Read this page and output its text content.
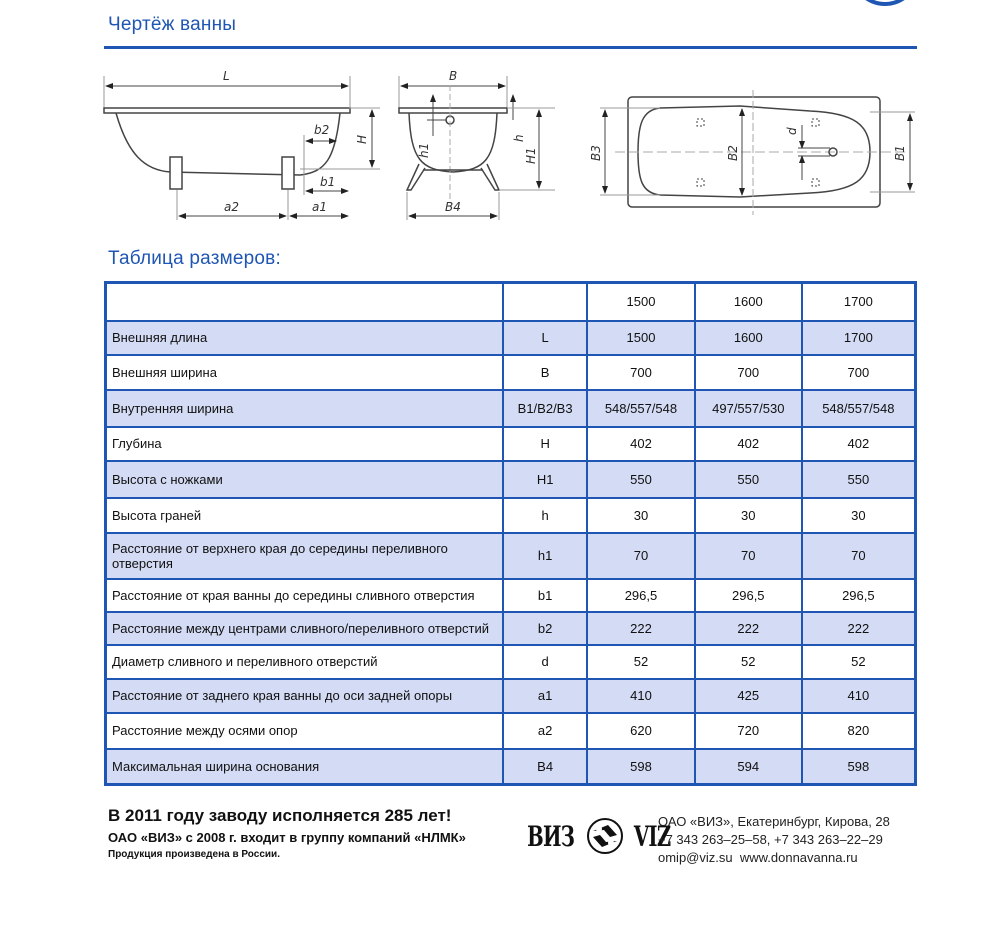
Чертёж ванны
L
H
b2
b1
a2	a1
B
h1
h
H1
B4
B3	B2
d
B1
Таблица размеров:
		1500	1600	1700
Внешняя длина	L	1500	1600	1700
Внешняя ширина	B	700	700	700
Внутренняя ширина	B1/B2/B3	548/557/548	497/557/530	548/557/548
Глубина	H	402	402	402
Высота с ножками	H1	550	550	550
Высота граней	h	30	30	30
Расстояние от верхнего края до середины переливного отверстия	h1	70	70	70
Расстояние от края ванны до середины сливного отверстия	b1	296,5	296,5	296,5
Расстояние между центрами сливного/переливного отверстий	b2	222	222	222
Диаметр сливного и переливного отверстий	d	52	52	52
Расстояние от заднего края ванны до оси задней опоры	a1	410	425	410
Расстояние между осями опор	a2	620	720	820
Максимальная ширина основания	B4	598	594	598
В 2011 году заводу исполняется 285 лет!
ОАО «ВИЗ» с 2008 г. входит в группу компаний «НЛМК»
Продукция произведена в России.
ВИЗ VIZ
ОАО «ВИЗ», Екатеринбург, Кирова, 28
+7 343 263–25–58, +7 343 263–22–29
omip@viz.su  www.donnavanna.ru
